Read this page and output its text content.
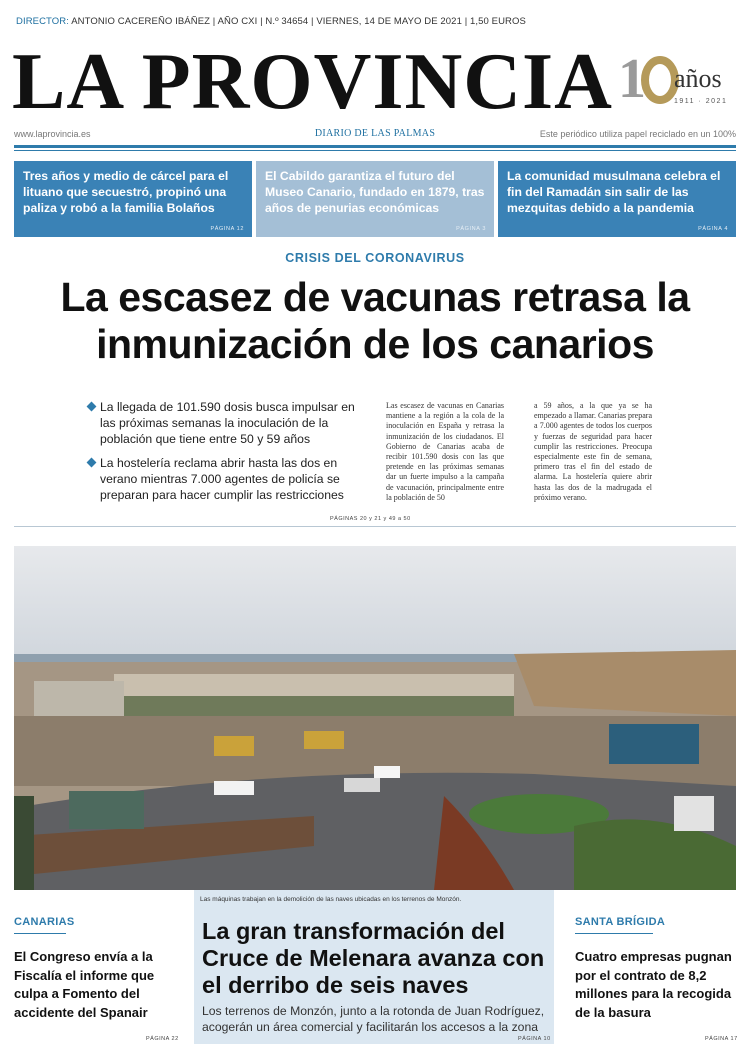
DIRECTOR: ANTONIO CACEREÑO IBÁÑEZ | AÑO CXI | N.º 34654 | VIERNES, 14 DE MAYO DE 2021 | 1,50 EUROS
LA PROVINCIA 1 años
1911 · 2021
www.laprovincia.es	DIARIO DE LAS PALMAS	Este periódico utiliza papel reciclado en un 100%
Tres años y medio de cárcel para el lituano que secuestró, propinó una paliza y robó a la familia Bolaños
PÁGINA 12
El Cabildo garantiza el futuro del Museo Canario, fundado en 1879, tras años de penurias económicas
PÁGINA 3
La comunidad musulmana celebra el fin del Ramadán sin salir de las mezquitas debido a la pandemia
PÁGINA 4
CRISIS DEL CORONAVIRUS
La escasez de vacunas retrasa la inmunización de los canarios
La llegada de 101.590 dosis busca impulsar en las próximas semanas la inoculación de la población que tiene entre 50 y 59 años
La hostelería reclama abrir hasta las dos en verano mientras 7.000 agentes de policía se preparan para hacer cumplir las restricciones
Las escasez de vacunas en Canarias mantiene a la región a la cola de la inoculación en España y retrasa la inmunización de los ciudadanos. El Gobierno de Canarias acaba de recibir 101.590 dosis con las que pretende en las próximas semanas dar un fuerte impulso a la campaña de vacunación, principalmente entre la población de 50
a 59 años, a la que ya se ha empezado a llamar. Canarias prepara a 7.000 agentes de todos los cuerpos y fuerzas de seguridad para hacer cumplir las restricciones. Preocupa especialmente este fin de semana, primero tras el fin del estado de alarma. La hostelería quiere abrir hasta las dos de la madrugada el próximo verano.
PÁGINAS 20 y 21 y 49 a 50
Las máquinas trabajan en la demolición de las naves ubicadas en los terrenos de Monzón.
La gran transformación del Cruce de Melenara avanza con el derribo de seis naves
Los terrenos de Monzón, junto a la rotonda de Juan Rodríguez, acogerán un área comercial y facilitarán los accesos a la zona
PÁGINA 10
CANARIAS
El Congreso envía a la Fiscalía el informe que culpa a Fomento del accidente del Spanair
PÁGINA 22
SANTA BRÍGIDA
Cuatro empresas pugnan por el contrato de 8,2 millones para la recogida de la basura
PÁGINA 17
